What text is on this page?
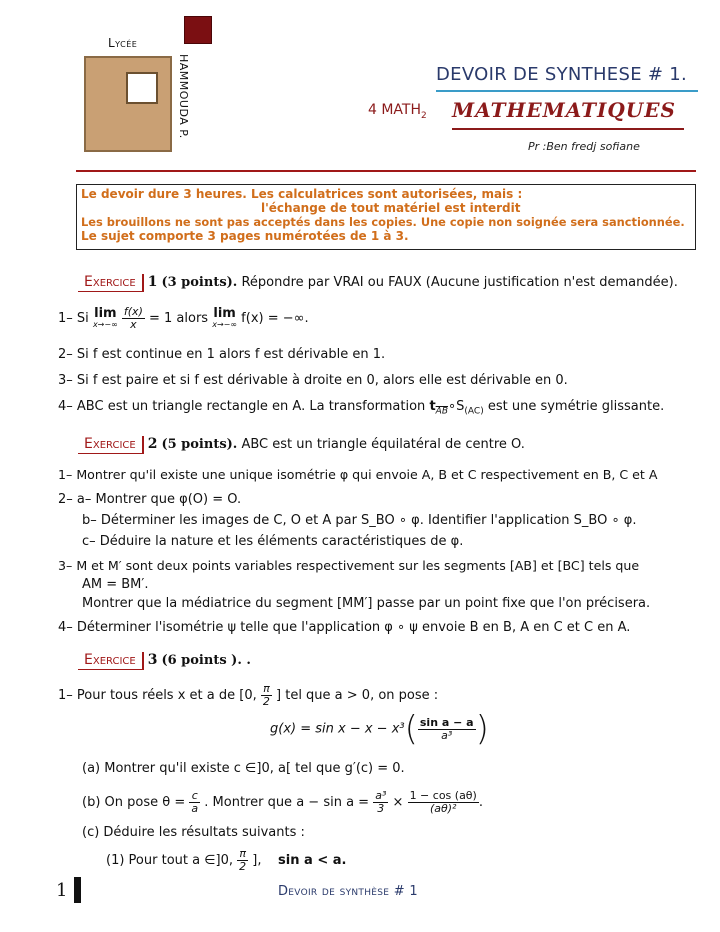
Lycée
HAMMOUDA P.	DEVOIR DE SYNTHESE # 1.
4 $MATH_2$ MATHEMATIQUES
Pr :Ben fredj sofiane
Le devoir dure 3 heures. Les calculatrices sont autorisées, mais :
l'échange de tout matériel est interdit
Les brouillons ne sont pas acceptés dans les copies. Une copie non soignée sera sanctionnée.
Le sujet comporte 3 pages numérotées de 1 à 3.
Exercice 1 (3 points). Répondre par VRAI ou FAUX (Aucune justification n'est demandée).
1– Si lim
x→−∞
$\frac{f(x)}{x} = 1$ alors lim
x→−∞ f(x) = −∞.
2– Si f est continue en 1 alors f est dérivable en 1.
3– Si f est paire et si f est dérivable à droite en 0, alors elle est dérivable en 0.
4– ABC est un triangle rectangle en A. La transformation $t_{\overline{AB}}\circ S_{(AC)}$ est une symétrie glissante.
Exercice 2 (5 points). ABC est un triangle équilatéral de centre O.
1– Montrer qu'il existe une unique isométrie φ qui envoie A, B et C respectivement en B, C et A
2– a– Montrer que φ(O) = O.
b– Déterminer les images de C, O et A par S_BO ∘ φ. Identifier l'application S_BO ∘ φ.
c– Déduire la nature et les éléments caractéristiques de φ.
3– M et M′ sont deux points variables respectivement sur les segments [AB] et [BC] tels que
AM = BM′.
Montrer que la médiatrice du segment [MM′] passe par un point fixe que l'on précisera.
4– Déterminer l'isométrie ψ telle que l'application φ ∘ ψ envoie B en B, A en C et C en A.
Exercice 3 (6 points ). .
1– Pour tous réels x et a de [0, $\frac{\pi}{2}$ ] tel que a > 0, on pose :
$g(x) = \sin x - x - x^3( \frac{\text{sin a − a}}{\text{a³}}$ )
(a) Montrer qu'il existe c ∈]0, a[ tel que g′(c) = 0.
(b) On pose $\theta = \frac{c}{a}$ . Montrer que $a - \sin a = \frac{\text{a³}}{3} \times \frac{1 - \cos (a\theta)}{\text{(aθ)²}}$ .
(c) Déduire les résultats suivants :
(1) Pour tout a ∈]0, $\frac{\pi}{2}$ ], sin a < a.
1	Devoir de synthèse # 1
